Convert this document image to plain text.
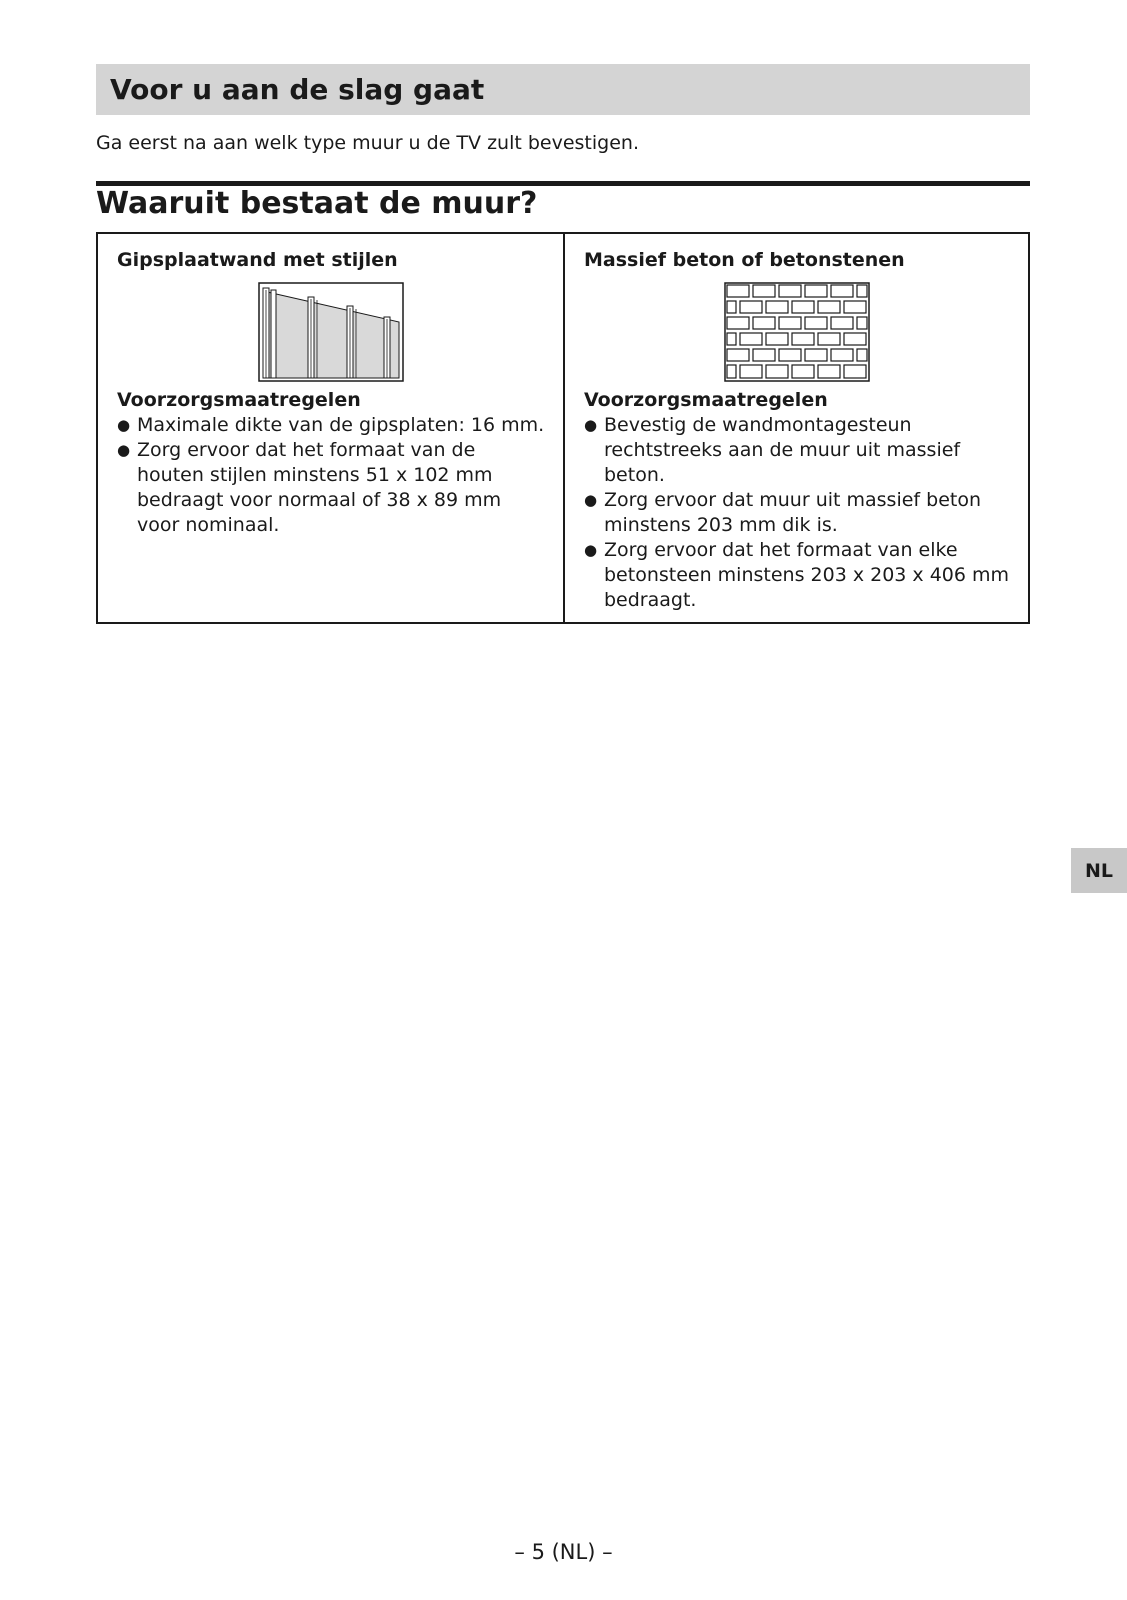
Voor u aan de slag gaat

Ga eerst na aan welk type muur u de TV zult bevestigen.

Waaruit bestaat de muur?

Gipsplaatwand met stijlen

Voorzorgsmaatregelen

● Maximale dikte van de gipsplaten: 16 mm.
● Zorg ervoor dat het formaat van de houten stijlen minstens 51 x 102 mm bedraagt voor normaal of 38 x 89 mm voor nominaal.

Massief beton of betonstenen

Voorzorgsmaatregelen

● Bevestig de wandmontagesteun rechtstreeks aan de muur uit massief beton.
● Zorg ervoor dat muur uit massief beton minstens 203 mm dik is.
● Zorg ervoor dat het formaat van elke betonsteen minstens 203 x 203 x 406 mm bedraagt.
NL
– 5 (NL) –
